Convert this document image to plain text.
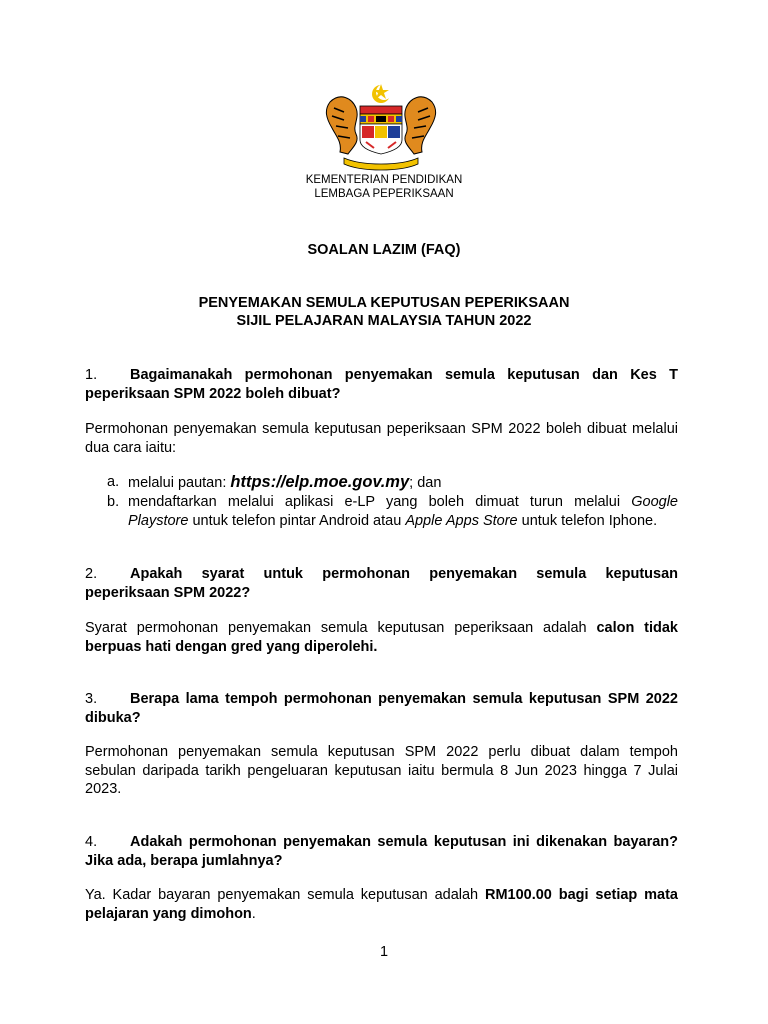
KEMENTERIAN PENDIDIKAN
LEMBAGA PEPERIKSAAN
SOALAN LAZIM (FAQ)
PENYEMAKAN SEMULA KEPUTUSAN PEPERIKSAAN
SIJIL PELAJARAN MALAYSIA TAHUN 2022
1. Bagaimanakah permohonan penyemakan semula keputusan dan Kes T
peperiksaan SPM 2022 boleh dibuat?
Permohonan penyemakan semula keputusan peperiksaan SPM 2022 boleh dibuat melalui dua cara iaitu:
a. melalui pautan: https://elp.moe.gov.my; dan
b. mendaftarkan melalui aplikasi e-LP yang boleh dimuat turun melalui Google Playstore untuk telefon pintar Android atau Apple Apps Store untuk telefon Iphone.
2. Apakah syarat untuk permohonan penyemakan semula keputusan
peperiksaan SPM 2022?
Syarat permohonan penyemakan semula keputusan peperiksaan adalah calon tidak berpuas hati dengan gred yang diperolehi.
3. Berapa lama tempoh permohonan penyemakan semula keputusan SPM 2022
dibuka?
Permohonan penyemakan semula keputusan SPM 2022 perlu dibuat dalam tempoh sebulan daripada tarikh pengeluaran keputusan iaitu bermula 8 Jun 2023 hingga 7 Julai 2023.
4. Adakah permohonan penyemakan semula keputusan ini dikenakan bayaran?
Jika ada, berapa jumlahnya?
Ya. Kadar bayaran penyemakan semula keputusan adalah RM100.00 bagi setiap mata pelajaran yang dimohon.
1
